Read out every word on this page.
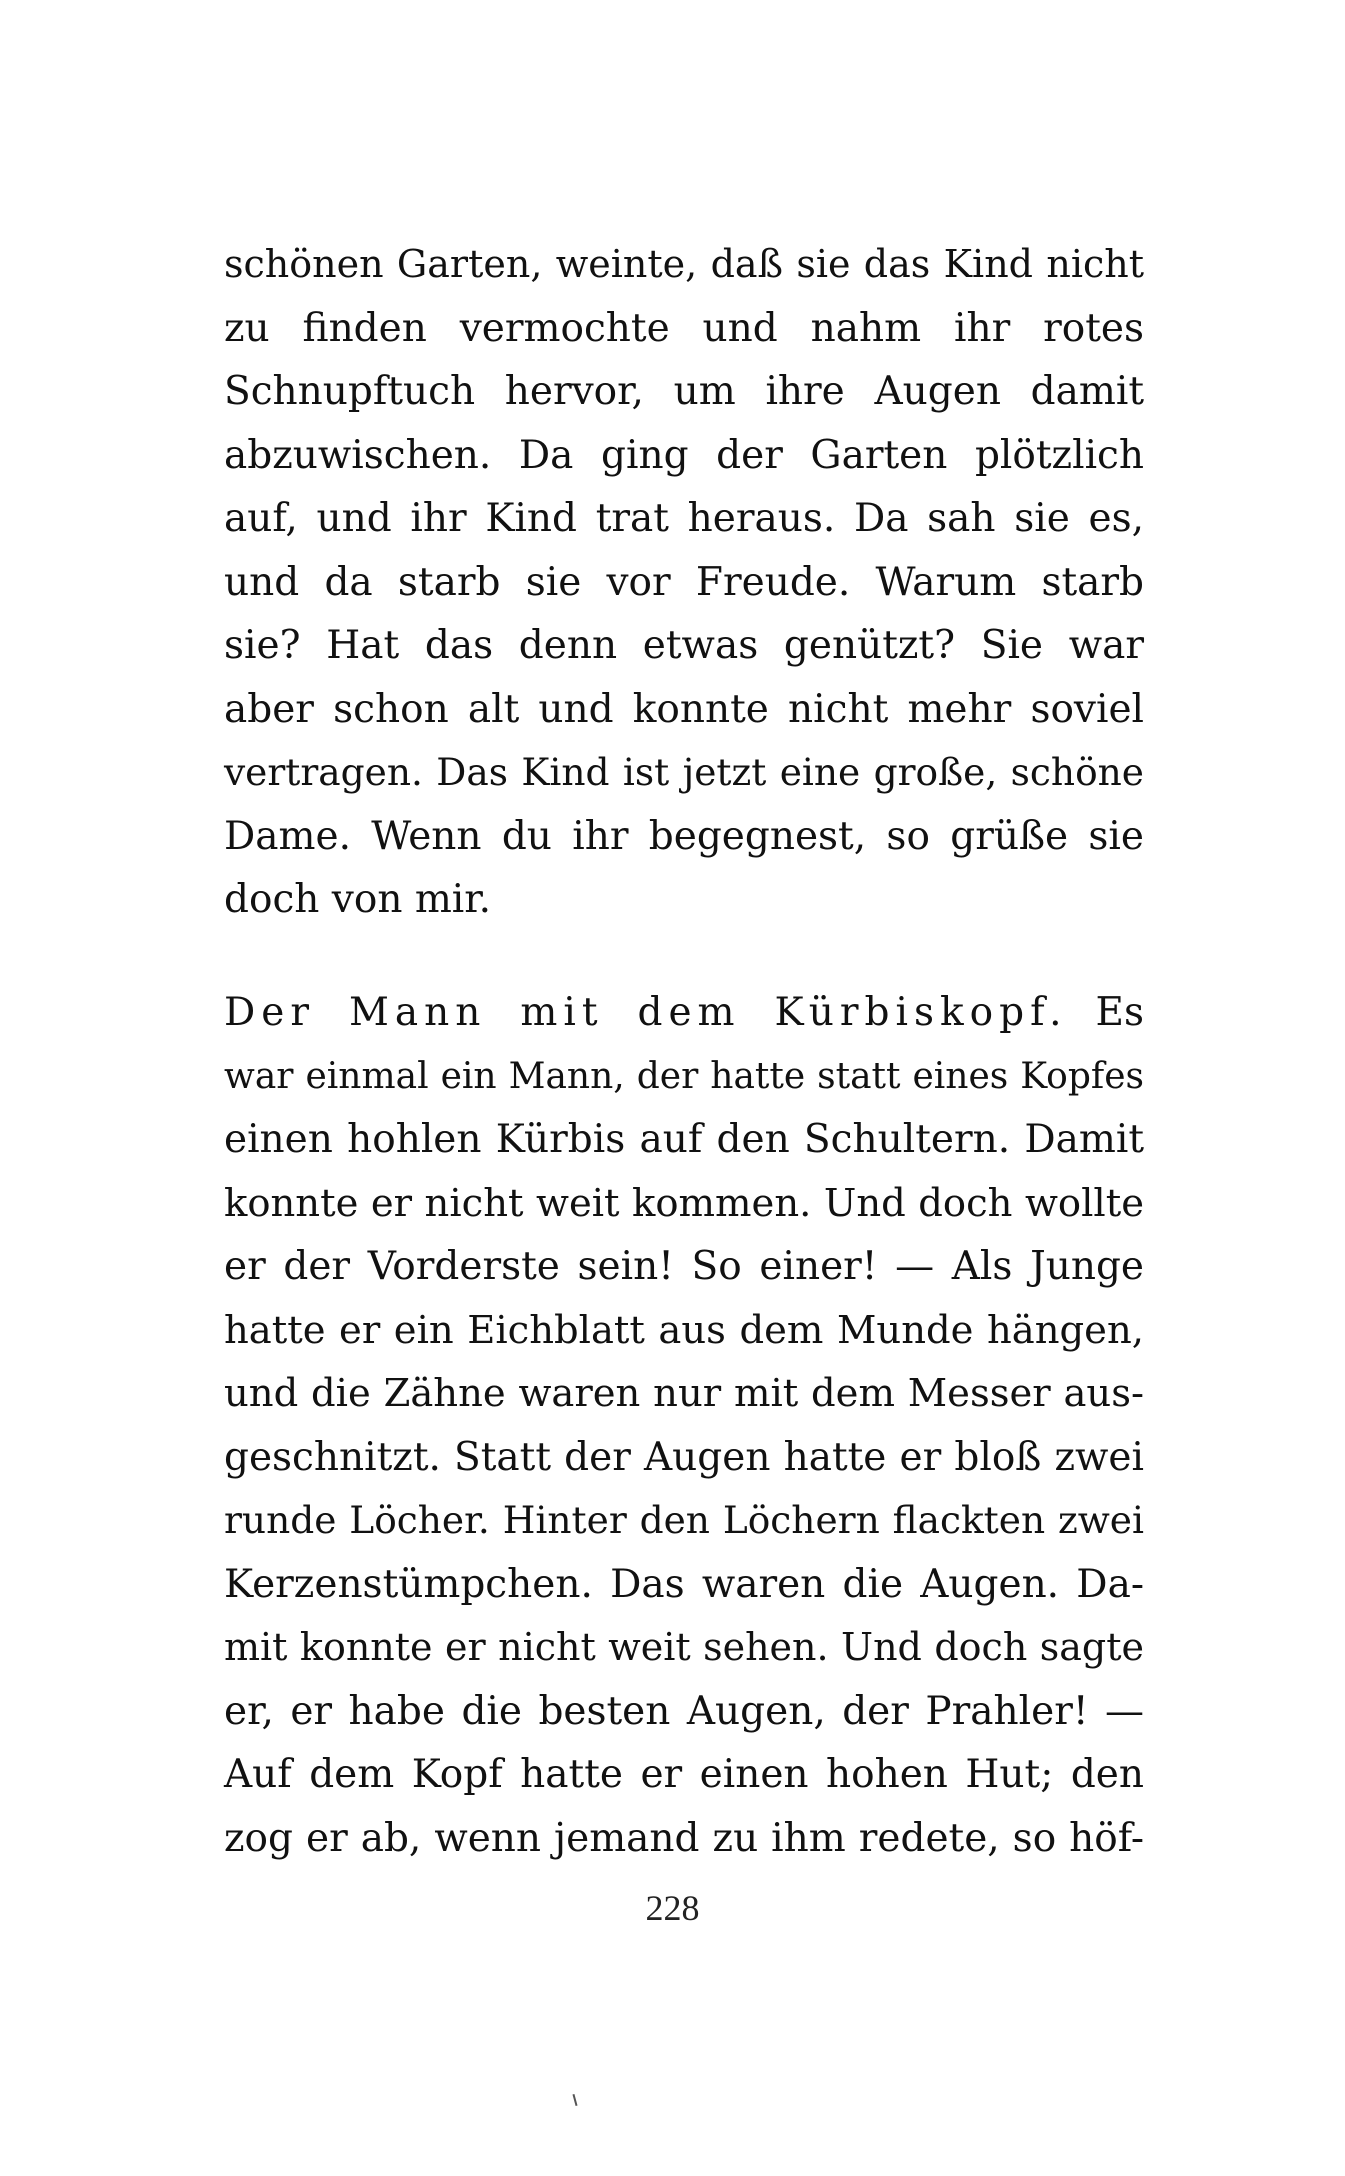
schönen Garten, weinte, daß sie das Kind nicht
zu finden vermochte und nahm ihr rotes
Schnupftuch hervor, um ihre Augen damit
abzuwischen. Da ging der Garten plötzlich
auf, und ihr Kind trat heraus. Da sah sie es,
und da starb sie vor Freude. Warum starb
sie? Hat das denn etwas genützt? Sie war
aber schon alt und konnte nicht mehr soviel
vertragen. Das Kind ist jetzt eine große, schöne
Dame. Wenn du ihr begegnest, so grüße sie
doch von mir.
Der Mann mit dem Kürbiskopf. Es
war einmal ein Mann, der hatte statt eines Kopfes
einen hohlen Kürbis auf den Schultern. Damit
konnte er nicht weit kommen. Und doch wollte
er der Vorderste sein! So einer! — Als Junge
hatte er ein Eichblatt aus dem Munde hängen,
und die Zähne waren nur mit dem Messer aus-
geschnitzt. Statt der Augen hatte er bloß zwei
runde Löcher. Hinter den Löchern flackten zwei
Kerzenstümpchen. Das waren die Augen. Da-
mit konnte er nicht weit sehen. Und doch sagte
er, er habe die besten Augen, der Prahler! —
Auf dem Kopf hatte er einen hohen Hut; den
zog er ab, wenn jemand zu ihm redete, so höf-
228
